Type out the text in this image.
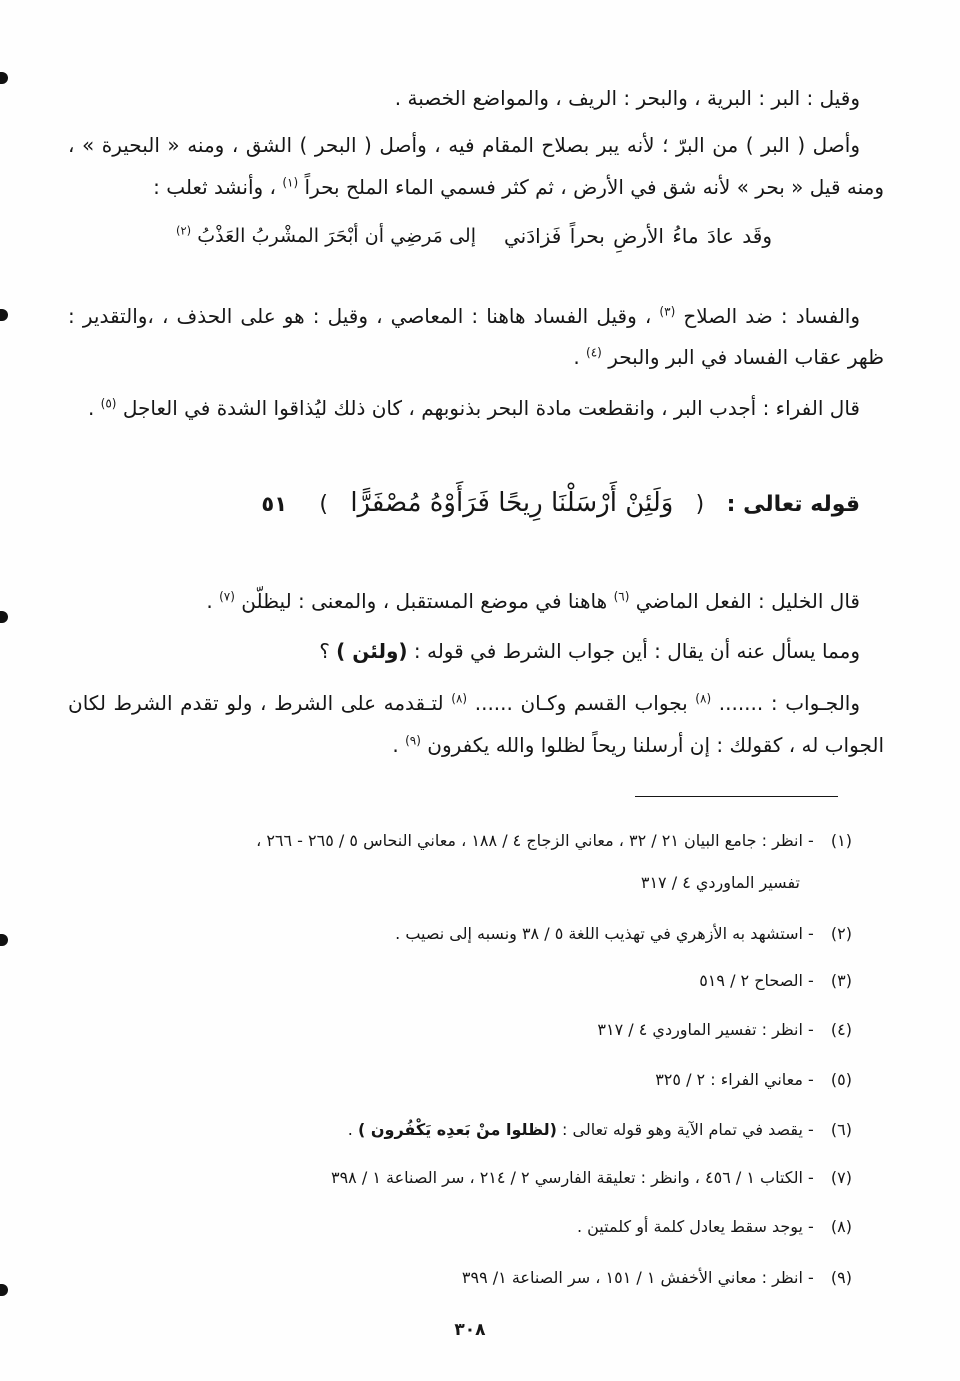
وقيل : البر : البرية ، والبحر : الريف ، والمواضع الخصبة .
وأصل ( البر ) من البرّ ؛ لأنه يبر بصلاح المقام فيه ، وأصل ( البحر ) الشق ، ومنه « البحيرة » ،
ومنه قيل « بحر » لأنه شق في الأرض ، ثم كثر فسمي الماء الملح بحراً $^{(١)}$ ، وأنشد ثعلب :
وقَد عادَ ماءُ الأرضِ بحراً فَزادَني
إلى مَرضِي أن أبْحَرَ المشْربُ العَذْبُ $^{(٢)}$
والفساد : ضد الصلاح $^{(٣)}$ ، وقيل الفساد هاهنا : المعاصي ، وقيل : هو على الحذف ، ،والتقدير :
ظهر عقاب الفساد في البر والبحر $^{(٤)}$ .
قال الفراء : أجدب البر ، وانقطعت مادة البحر بذنوبهم ، كان ذلك ليُذاقوا الشدة في العاجل $^{(٥)}$ .
قوله تعالى : ( وَلَئِنْ أَرْسَلْنَا رِيحًا فَرَأَوْهُ مُصْفَرًّا ) ٥١
قال الخليل : الفعل الماضي $^{(٦)}$ هاهنا في موضع المستقبل ، والمعنى : ليظلّن $^{(٧)}$ .
ومما يسأل عنه أن يقال : أين جواب الشرط في قوله : (ولئن ) ؟
والجـواب : ....... $^{(٨)}$ بجواب القسم وكـان ...... $^{(٨)}$ لتـقدمه على الشرط ، ولو تقدم الشرط لكان
الجواب له ، كقولك : إن أرسلنا ريحاً لظلوا والله يكفرون $^{(٩)}$ .
(١) - انظر : جامع البيان ٢١ / ٣٢ ، معاني الزجاج ٤ / ١٨٨ ، معاني النحاس ٥ / ٢٦٥ - ٢٦٦ ،
تفسير الماوردي ٤ / ٣١٧
(٢) - استشهد به الأزهري في تهذيب اللغة ٥ / ٣٨ ونسبه إلى نصيب .
(٣) - الصحاح ٢ / ٥١٩
(٤) - انظر : تفسير الماوردي ٤ / ٣١٧
(٥) - معاني الفراء : ٢ / ٣٢٥
(٦) - يقصد في تمام الآية وهو قوله تعالى : (لظلوا منْ بَعدِه يَكْفُرون ) .
(٧) - الكتاب ١ / ٤٥٦ ، وانظر : تعليقة الفارسي ٢ / ٢١٤ ، سر الصناعة ١ / ٣٩٨
(٨) - يوجد سقط يعادل كلمة أو كلمتين .
(٩) - انظر : معاني الأخفش ١ / ١٥١ ، سر الصناعة ١/ ٣٩٩
٣٠٨
